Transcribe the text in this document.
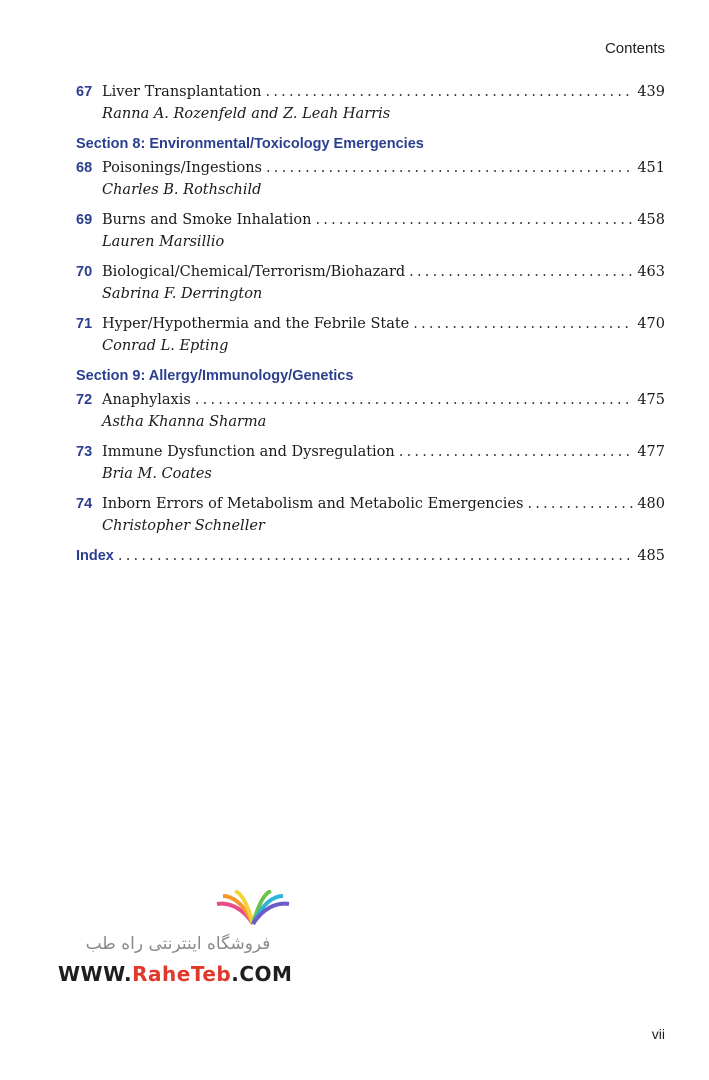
Contents
67 Liver Transplantation . . .	439
Ranna A. Rozenfeld and Z. Leah Harris
Section 8: Environmental/Toxicology Emergencies
68 Poisonings/Ingestions . . .	451
Charles B. Rothschild
69 Burns and Smoke Inhalation . . .	458
Lauren Marsillio
70 Biological/Chemical/Terrorism/Biohazard . . .	463
Sabrina F. Derrington
71 Hyper/Hypothermia and the Febrile State . . .	470
Conrad L. Epting
Section 9: Allergy/Immunology/Genetics
72 Anaphylaxis . . .	475
Astha Khanna Sharma
73 Immune Dysfunction and Dysregulation . . .	477
Bria M. Coates
74 Inborn Errors of Metabolism and Metabolic Emergencies . . .	480
Christopher Schneller
Index . . .	485
فروشگاه اینترنتی راه طب
WWW.RaheTeb.COM
vii
